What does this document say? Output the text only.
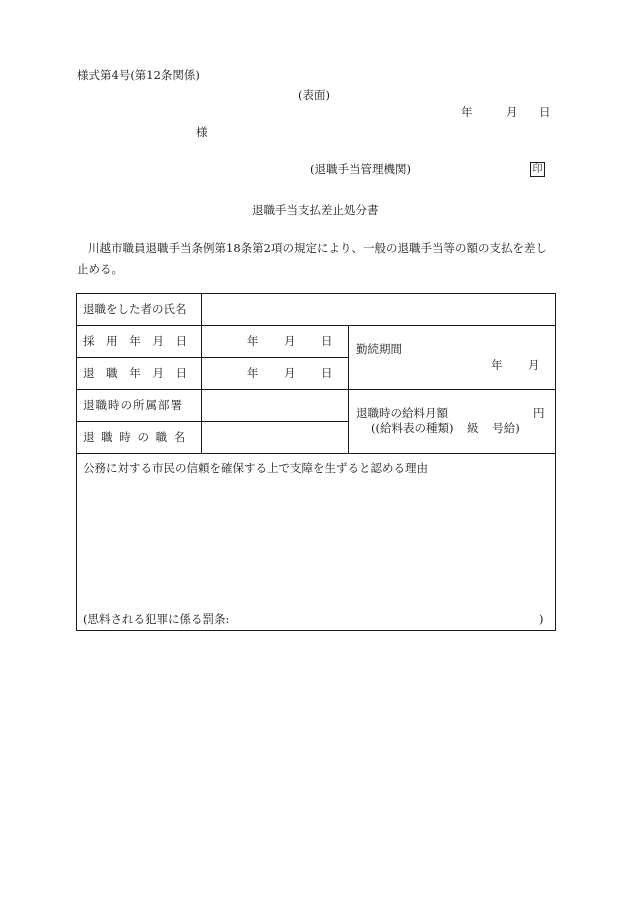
様式第4号(第12条関係)
(表面)
年	月 日
様
(退職手当管理機関)	印
退職手当支払差止処分書
川越市職員退職手当条例第18条第2項の規定により、一般の退職手当等の額の支払を差し止める。
退職をした者の氏名
採 用 年 月 日	年 月 日
退 職 年 月 日	年 月 日
勤続期間
年 月
退職時の所属部署
退 職 時 の 職 名
退職時の給料月額	円
((給料表の種類) 級 号給)
公務に対する市民の信頼を確保する上で支障を生ずると認める理由
(思料される犯罪に係る罰条:	)
